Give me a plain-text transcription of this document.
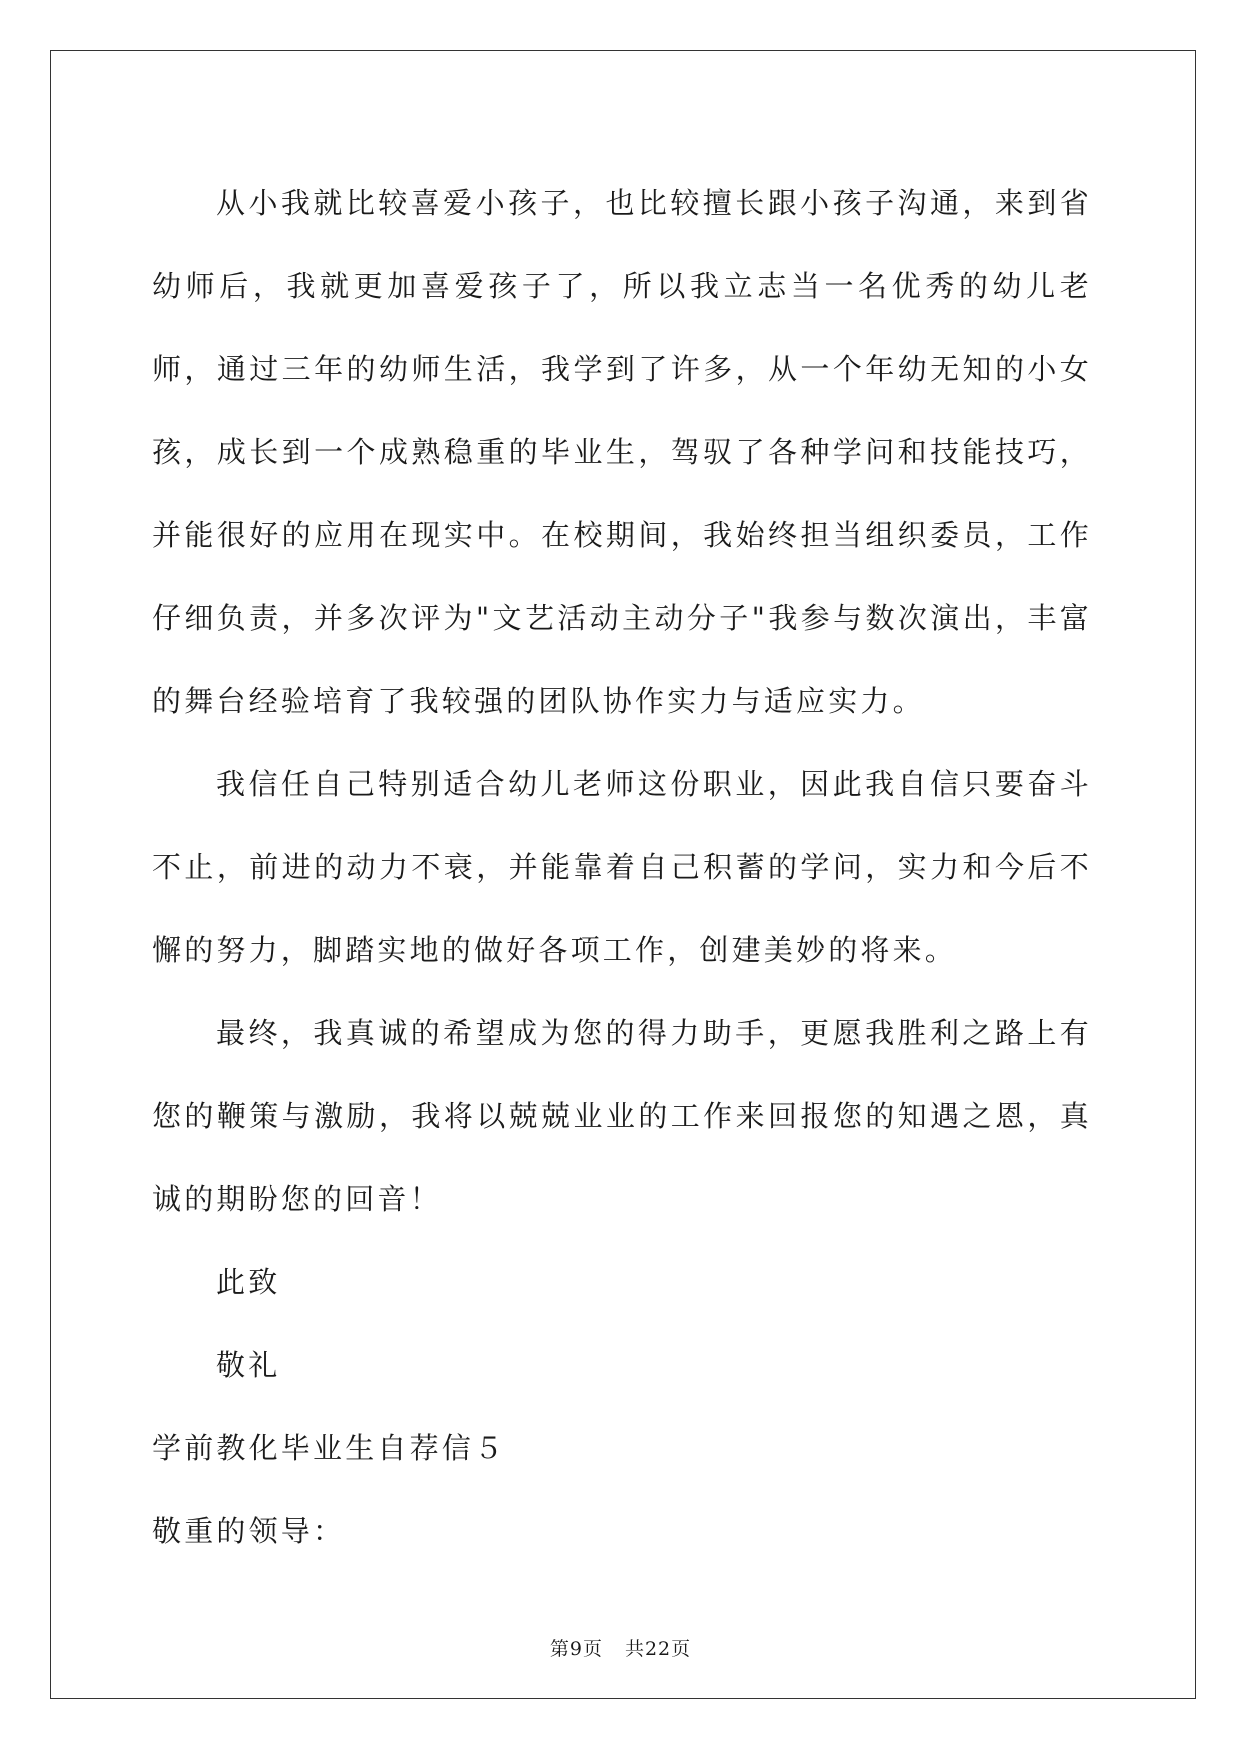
从小我就比较喜爱小孩子，也比较擅长跟小孩子沟通，来到省幼师后，我就更加喜爱孩子了，所以我立志当一名优秀的幼儿老师，通过三年的幼师生活，我学到了许多，从一个年幼无知的小女孩，成长到一个成熟稳重的毕业生，驾驭了各种学问和技能技巧，并能很好的应用在现实中。在校期间，我始终担当组织委员，工作仔细负责，并多次评为"文艺活动主动分子"我参与数次演出，丰富的舞台经验培育了我较强的团队协作实力与适应实力。

我信任自己特别适合幼儿老师这份职业，因此我自信只要奋斗不止，前进的动力不衰，并能靠着自己积蓄的学问，实力和今后不懈的努力，脚踏实地的做好各项工作，创建美妙的将来。

最终，我真诚的希望成为您的得力助手，更愿我胜利之路上有您的鞭策与激励，我将以兢兢业业的工作来回报您的知遇之恩，真诚的期盼您的回音！

此致

敬礼

学前教化毕业生自荐信５

敬重的领导：

第9页 共22页
